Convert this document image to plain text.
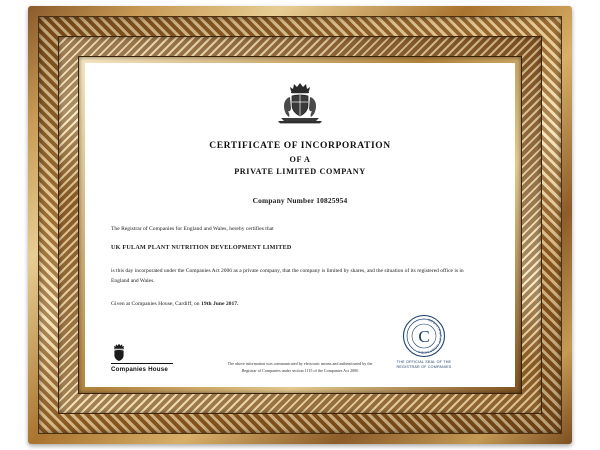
CERTIFICATE OF INCORPORATION
OF A
PRIVATE LIMITED COMPANY
Company Number 10825954
The Registrar of Companies for England and Wales, hereby certifies that
UK FULAM PLANT NUTRITION DEVELOPMENT LIMITED
is this day incorporated under the Companies Act 2006 as a private company, that the company is limited by shares, and the situation of its registered office is in England and Wales.
Given at Companies House, Cardiff, on 19th June 2017.
The above information was communicated by electronic means and authenticated by the
Registrar of Companies under section 1115 of the Companies Act 2006
Companies House
REGISTRAR OF COMPANIES
C
THE OFFICIAL SEAL OF THE
REGISTRAR OF COMPANIES
